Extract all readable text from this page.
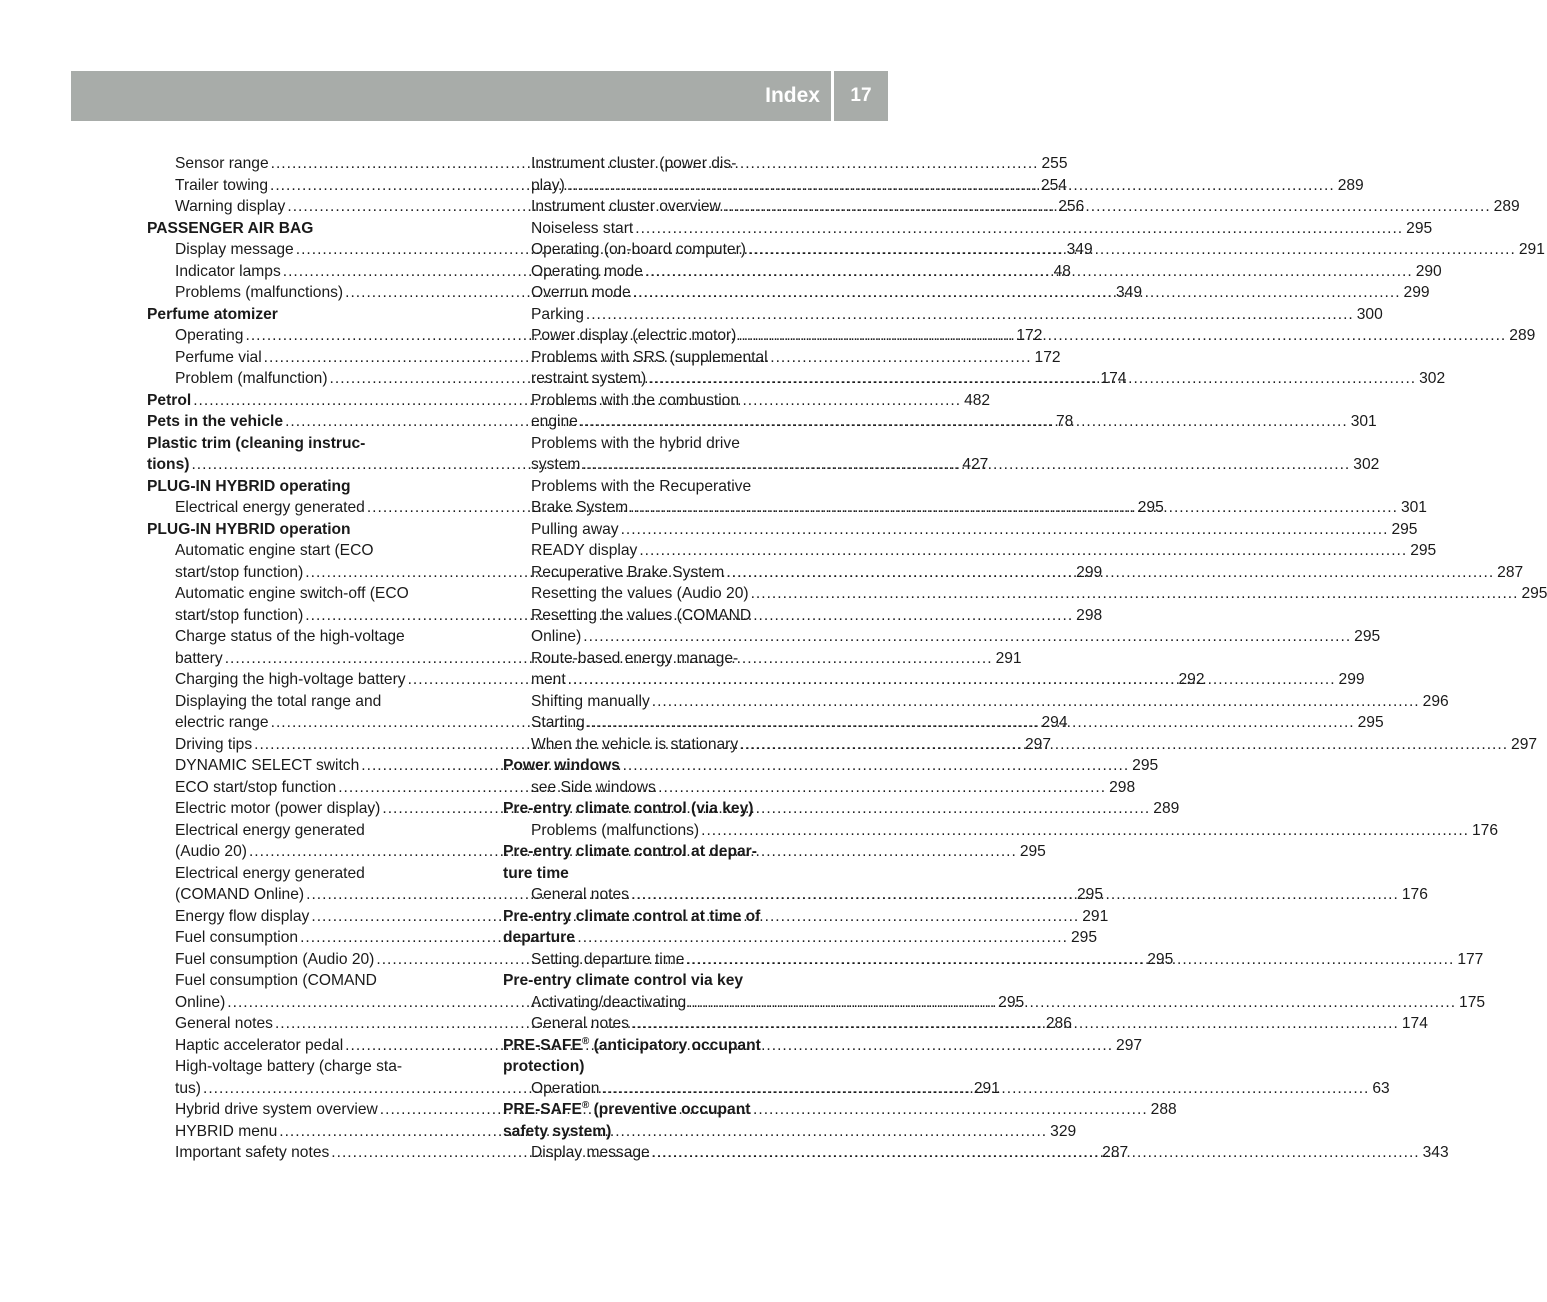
Index	17
Sensor range .....	255
Trailer towing .....	254
Warning display .....	256
PASSENGER AIR BAG
Display message .....	349
Indicator lamps .....	48
Problems (malfunctions) .....	349
Perfume atomizer
Operating .....	172
Perfume vial .....	172
Problem (malfunction) .....	174
Petrol .....	482
Pets in the vehicle .....	78
Plastic trim (cleaning instruc-
tions) .....	427
PLUG-IN HYBRID operating
Electrical energy generated .....	295
PLUG-IN HYBRID operation
Automatic engine start (ECO
start/stop function) .....	299
Automatic engine switch-off (ECO
start/stop function) .....	298
Charge status of the high-voltage
battery .....	291
Charging the high-voltage battery .....	292
Displaying the total range and
electric range .....	294
Driving tips .....	297
DYNAMIC SELECT switch .....	295
ECO start/stop function .....	298
Electric motor (power display) .....	289
Electrical energy generated
(Audio 20) .....	295
Electrical energy generated
(COMAND Online) .....	295
Energy flow display .....	291
Fuel consumption .....	295
Fuel consumption (Audio 20) .....	295
Fuel consumption (COMAND
Online) .....	295
General notes .....	286
Haptic accelerator pedal .....	297
High-voltage battery (charge sta-
tus) .....	291
Hybrid drive system overview .....	288
HYBRID menu .....	329
Important safety notes .....	287
Instrument cluster (power dis-
play) .....	289
Instrument cluster overview .....	289
Noiseless start .....	295
Operating (on-board computer) .....	291
Operating mode .....	290
Overrun mode .....	299
Parking .....	300
Power display (electric motor) .....	289
Problems with SRS (supplemental
restraint system) .....	302
Problems with the combustion
engine .....	301
Problems with the hybrid drive
system .....	302
Problems with the Recuperative
Brake System .....	301
Pulling away .....	295
READY display .....	295
Recuperative Brake System .....	287
Resetting the values (Audio 20) .....	295
Resetting the values (COMAND
Online) .....	295
Route-based energy manage-
ment .....	299
Shifting manually .....	296
Starting .....	295
When the vehicle is stationary .....	297
Power windows
see Side windows
Pre-entry climate control (via key)
Problems (malfunctions) .....	176
Pre-entry climate control at depar-
ture time
General notes .....	176
Pre-entry climate control at time of
departure
Setting departure time .....	177
Pre-entry climate control via key
Activating/deactivating .....	175
General notes .....	174
PRE-SAFE® (anticipatory occupant
protection)
Operation .....	63
PRE-SAFE® (preventive occupant
safety system)
Display message .....	343
